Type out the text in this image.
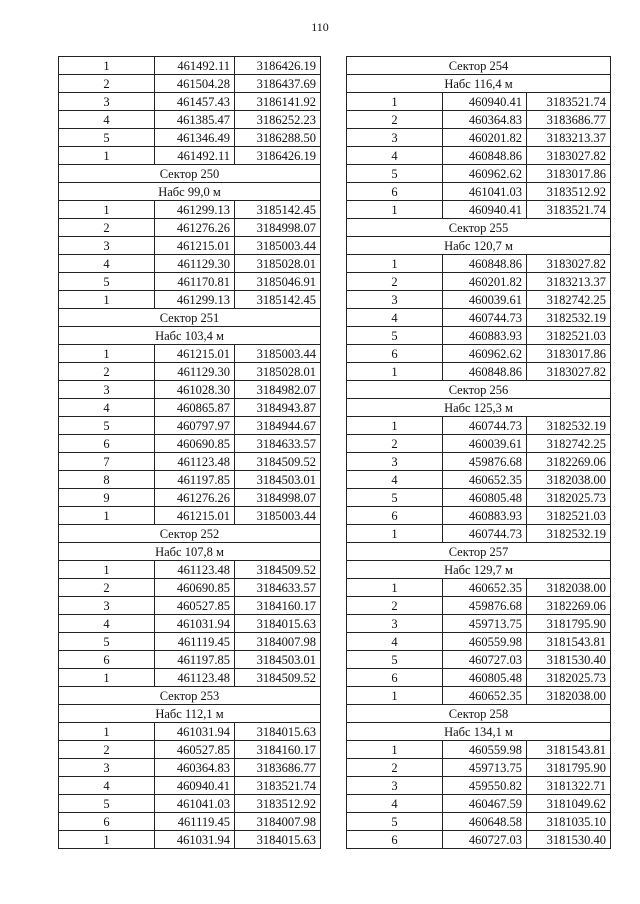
110
1	461492.11	3186426.19
2	461504.28	3186437.69
3	461457.43	3186141.92
4	461385.47	3186252.23
5	461346.49	3186288.50
1	461492.11	3186426.19
Сектор 250		
Набс 99,0 м		
1	461299.13	3185142.45
2	461276.26	3184998.07
3	461215.01	3185003.44
4	461129.30	3185028.01
5	461170.81	3185046.91
1	461299.13	3185142.45
Сектор 251		
Набс 103,4 м		
1	461215.01	3185003.44
2	461129.30	3185028.01
3	461028.30	3184982.07
4	460865.87	3184943.87
5	460797.97	3184944.67
6	460690.85	3184633.57
7	461123.48	3184509.52
8	461197.85	3184503.01
9	461276.26	3184998.07
1	461215.01	3185003.44
Сектор 252		
Набс 107,8 м		
1	461123.48	3184509.52
2	460690.85	3184633.57
3	460527.85	3184160.17
4	461031.94	3184015.63
5	461119.45	3184007.98
6	461197.85	3184503.01
1	461123.48	3184509.52
Сектор 253		
Набс 112,1 м		
1	461031.94	3184015.63
2	460527.85	3184160.17
3	460364.83	3183686.77
4	460940.41	3183521.74
5	461041.03	3183512.92
6	461119.45	3184007.98
1	461031.94	3184015.63
Сектор 254		
Набс 116,4 м		
1	460940.41	3183521.74
2	460364.83	3183686.77
3	460201.82	3183213.37
4	460848.86	3183027.82
5	460962.62	3183017.86
6	461041.03	3183512.92
1	460940.41	3183521.74
Сектор 255		
Набс 120,7 м		
1	460848.86	3183027.82
2	460201.82	3183213.37
3	460039.61	3182742.25
4	460744.73	3182532.19
5	460883.93	3182521.03
6	460962.62	3183017.86
1	460848.86	3183027.82
Сектор 256		
Набс 125,3 м		
1	460744.73	3182532.19
2	460039.61	3182742.25
3	459876.68	3182269.06
4	460652.35	3182038.00
5	460805.48	3182025.73
6	460883.93	3182521.03
1	460744.73	3182532.19
Сектор 257		
Набс 129,7 м		
1	460652.35	3182038.00
2	459876.68	3182269.06
3	459713.75	3181795.90
4	460559.98	3181543.81
5	460727.03	3181530.40
6	460805.48	3182025.73
1	460652.35	3182038.00
Сектор 258		
Набс 134,1 м		
1	460559.98	3181543.81
2	459713.75	3181795.90
3	459550.82	3181322.71
4	460467.59	3181049.62
5	460648.58	3181035.10
6	460727.03	3181530.40
